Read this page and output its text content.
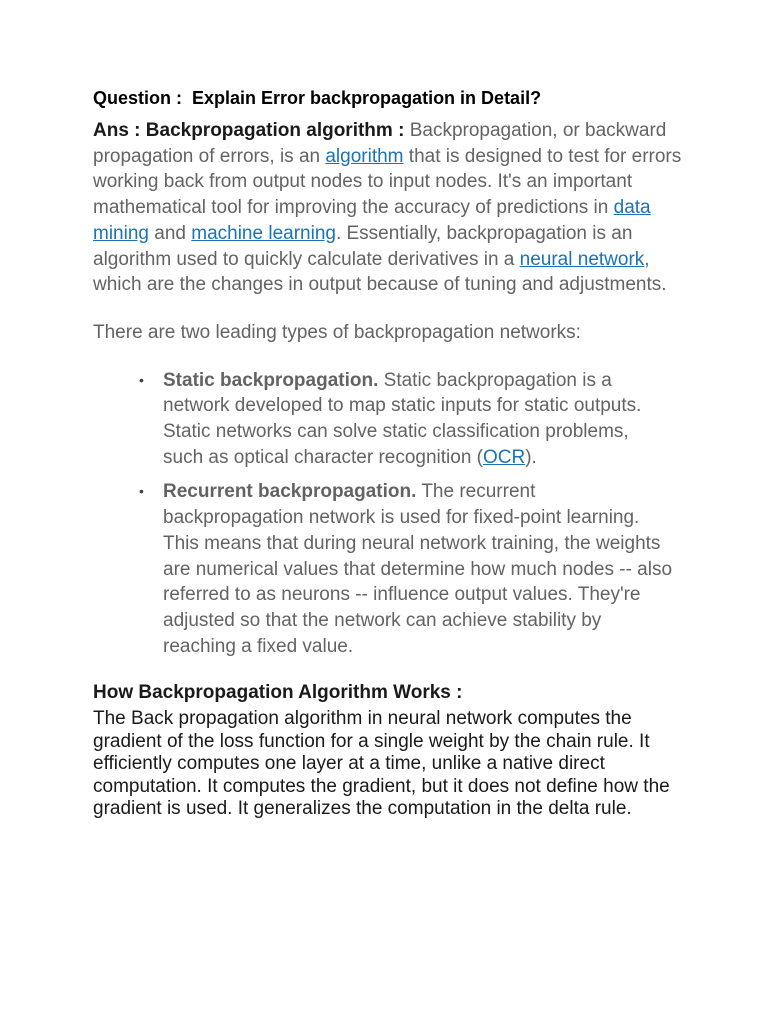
Question :  Explain Error backpropagation in Detail?

Ans : Backpropagation algorithm : Backpropagation, or backward propagation of errors, is an algorithm that is designed to test for errors working back from output nodes to input nodes. It's an important mathematical tool for improving the accuracy of predictions in data mining and machine learning. Essentially, backpropagation is an algorithm used to quickly calculate derivatives in a neural network, which are the changes in output because of tuning and adjustments.

There are two leading types of backpropagation networks:

• Static backpropagation. Static backpropagation is a network developed to map static inputs for static outputs. Static networks can solve static classification problems, such as optical character recognition (OCR).
• Recurrent backpropagation. The recurrent backpropagation network is used for fixed-point learning. This means that during neural network training, the weights are numerical values that determine how much nodes -- also referred to as neurons -- influence output values. They're adjusted so that the network can achieve stability by reaching a fixed value.
How Backpropagation Algorithm Works :

The Back propagation algorithm in neural network computes the gradient of the loss function for a single weight by the chain rule. It efficiently computes one layer at a time, unlike a native direct computation. It computes the gradient, but it does not define how the gradient is used. It generalizes the computation in the delta rule.
